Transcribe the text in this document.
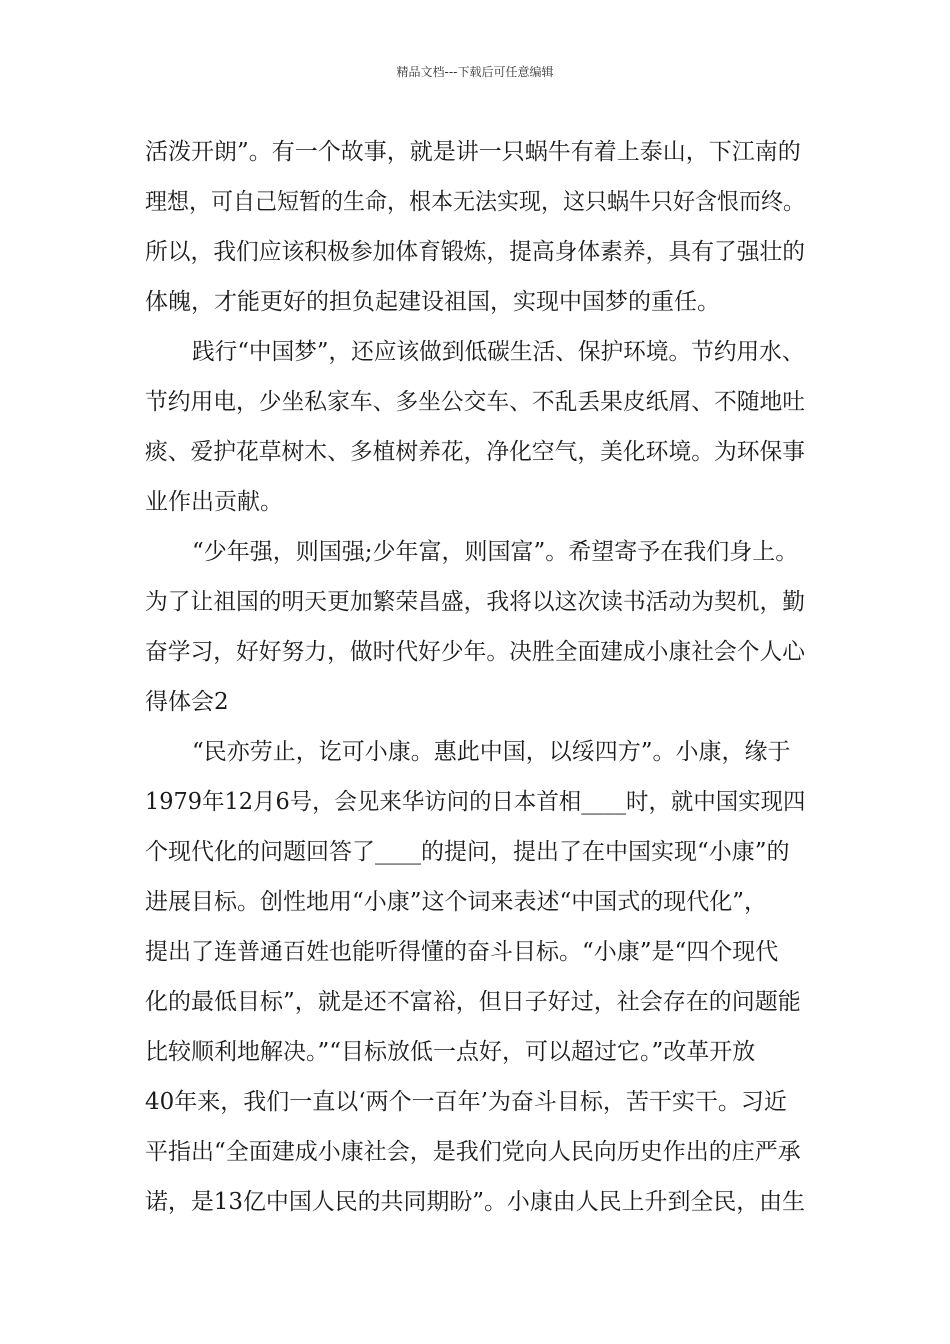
精品文档---下载后可任意编辑
活泼开朗”。有一个故事，就是讲一只蜗牛有着上泰山，下江南的
理想，可自己短暂的生命，根本无法实现，这只蜗牛只好含恨而终。
所以，我们应该积极参加体育锻炼，提高身体素养，具有了强壮的
体魄，才能更好的担负起建设祖国，实现中国梦的重任。
践行“中国梦”，还应该做到低碳生活、保护环境。节约用水、
节约用电，少坐私家车、多坐公交车、不乱丢果皮纸屑、不随地吐
痰、爱护花草树木、多植树养花，净化空气，美化环境。为环保事
业作出贡献。
“少年强，则国强;少年富，则国富”。希望寄予在我们身上。
为了让祖国的明天更加繁荣昌盛，我将以这次读书活动为契机，勤
奋学习，好好努力，做时代好少年。决胜全面建成小康社会个人心
得体会2
“民亦劳止，讫可小康。惠此中国，以绥四方”。小康，缘于
1979年12月6号，会见来华访问的日本首相____时，就中国实现四
个现代化的问题回答了____的提问，提出了在中国实现“小康”的
进展目标。创性地用“小康”这个词来表述“中国式的现代化”，
提出了连普通百姓也能听得懂的奋斗目标。“小康”是“四个现代
化的最低目标”，就是还不富裕，但日子好过，社会存在的问题能
比较顺利地解决。”“目标放低一点好，可以超过它。”改革开放
40年来，我们一直以‘两个一百年’为奋斗目标，苦干实干。习近
平指出“全面建成小康社会，是我们党向人民向历史作出的庄严承
诺，是13亿中国人民的共同期盼”。小康由人民上升到全民，由生
